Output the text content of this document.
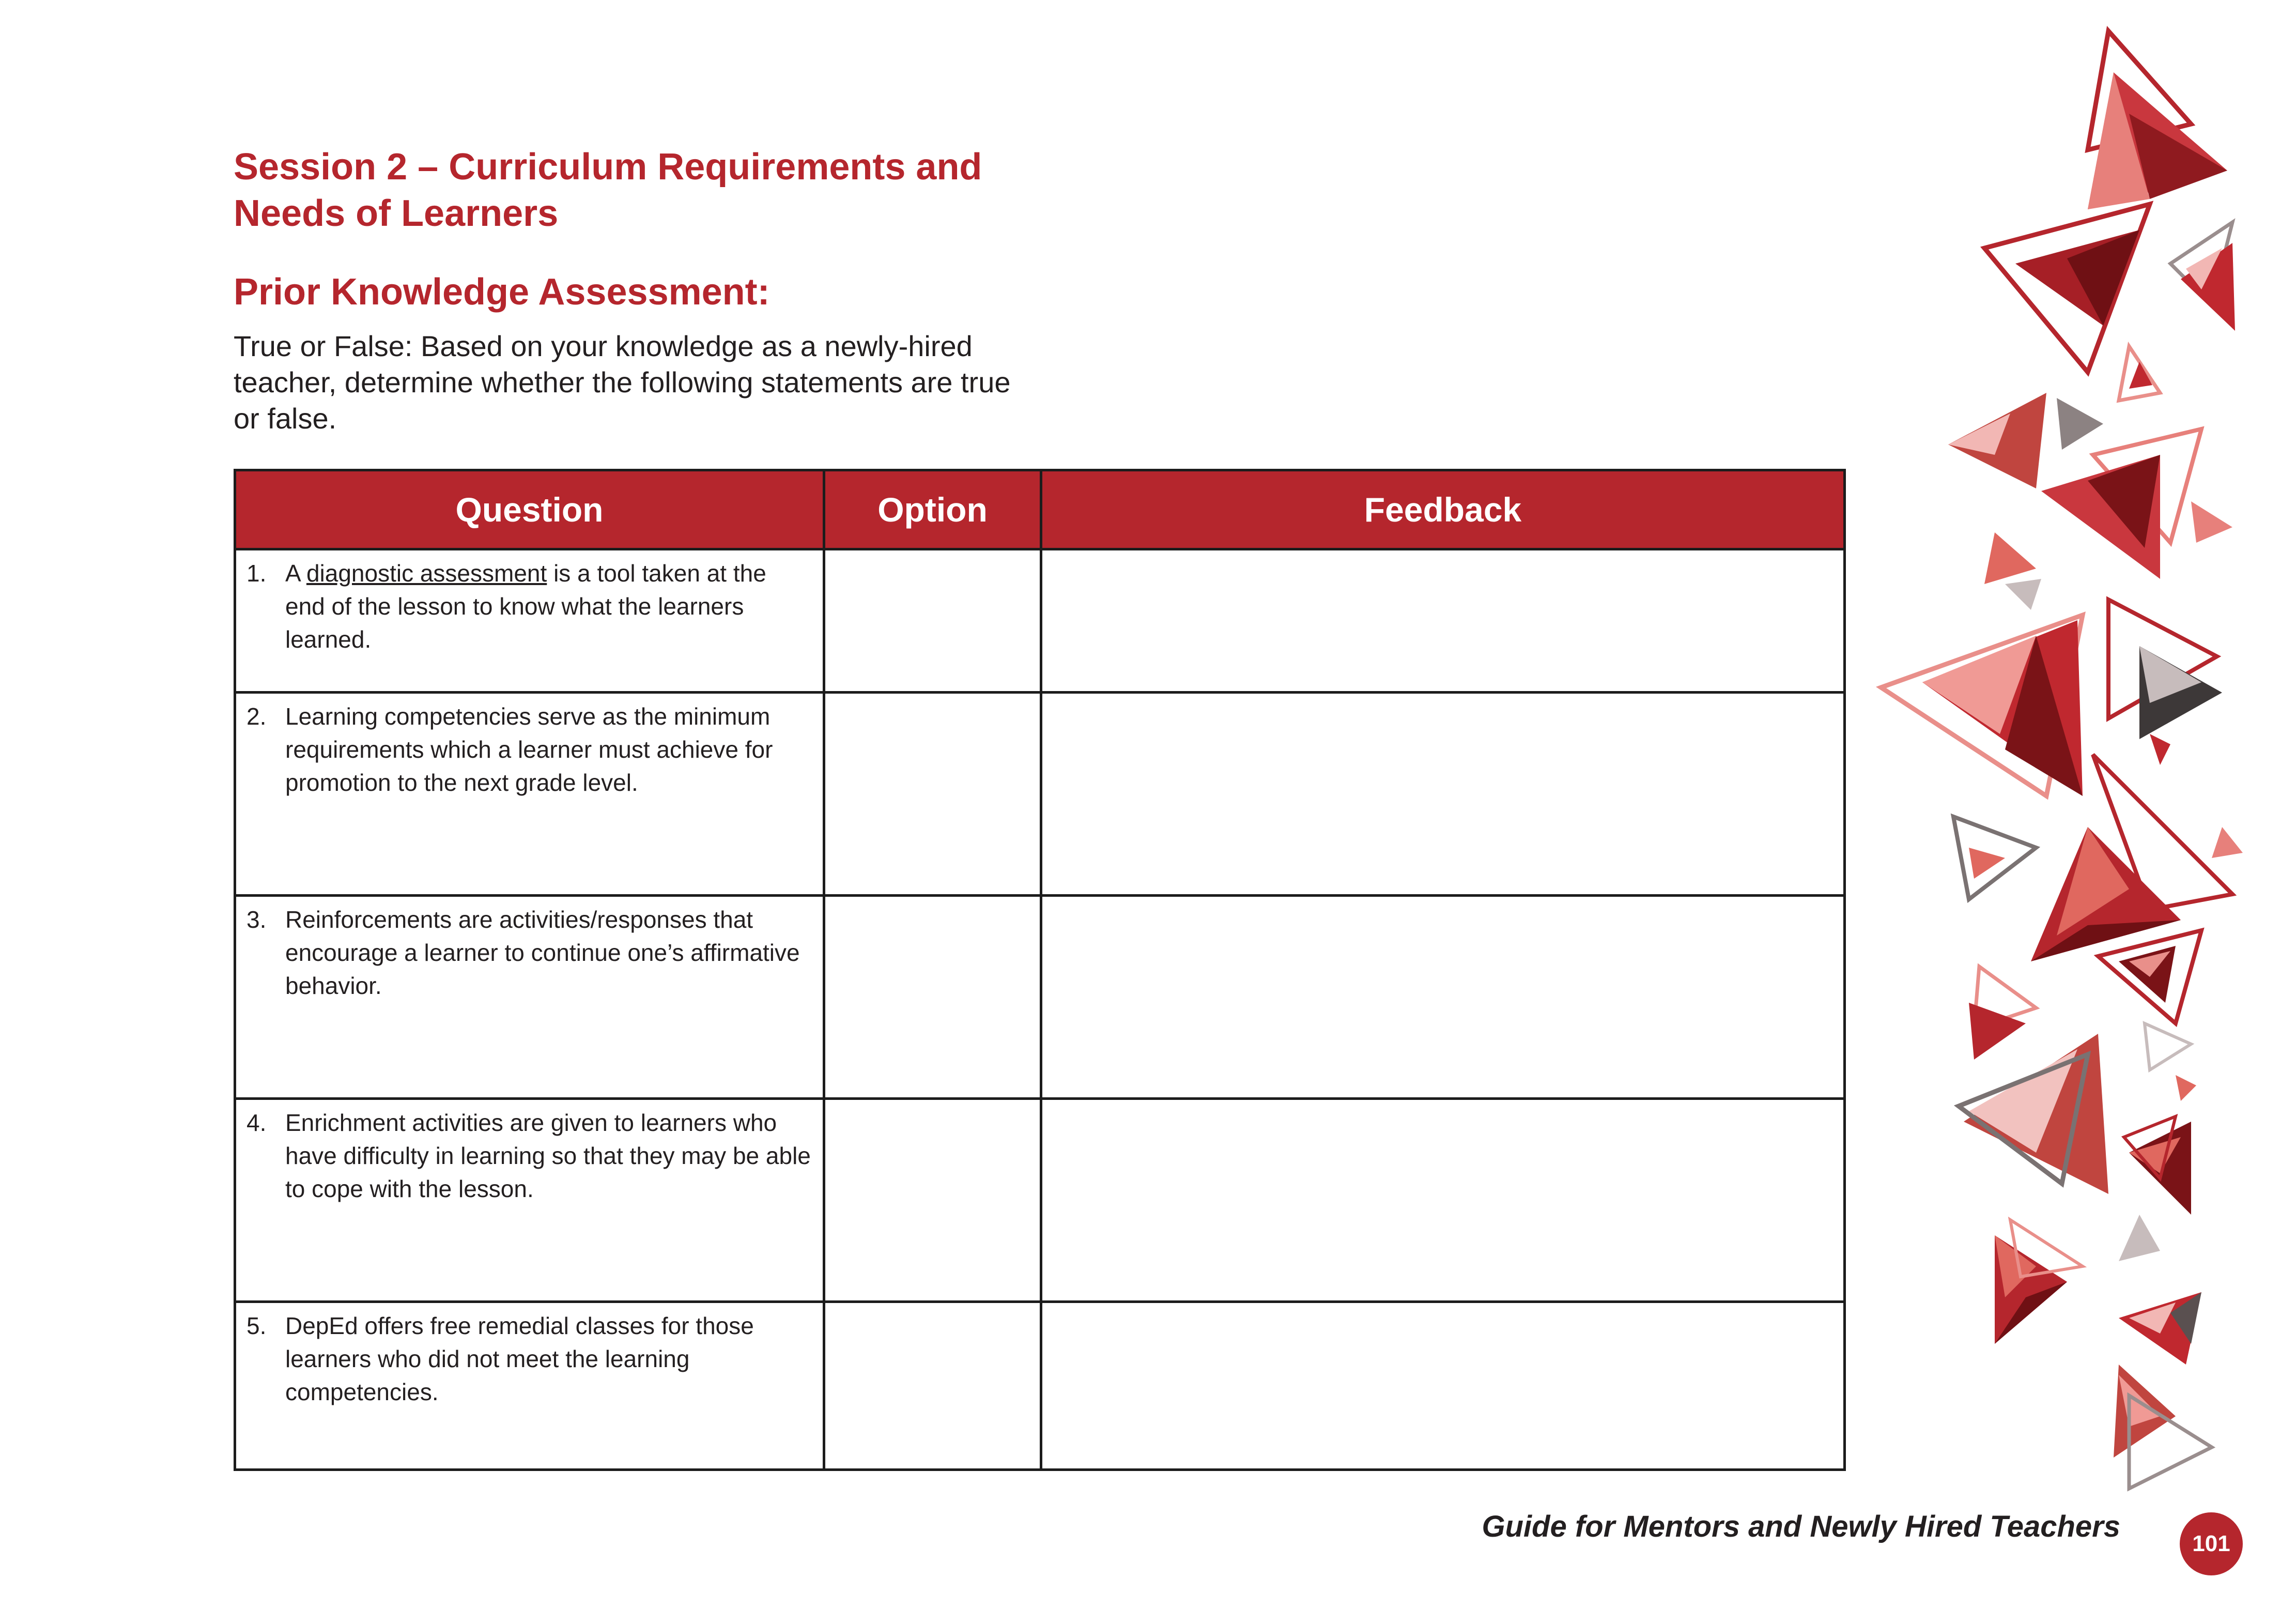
Session 2 – Curriculum Requirements and Needs of Learners
Prior Knowledge Assessment:
True or False: Based on your knowledge as a newly-hired teacher, determine whether the following statements are true or false.
Question	Option	Feedback

1. A diagnostic assessment is a tool taken at the end of the lesson to know what the learners learned.		

2. Learning competencies serve as the minimum requirements which a learner must achieve for promotion to the next grade level.		

3. Reinforcements are activities/responses that encourage a learner to continue one’s affirmative behavior.		

4. Enrichment activities are given to learners who have difficulty in learning so that they may be able to cope with the lesson.		

5. DepEd offers free remedial classes for those learners who did not meet the learning competencies.		

Guide for Mentors and Newly Hired Teachers
101
